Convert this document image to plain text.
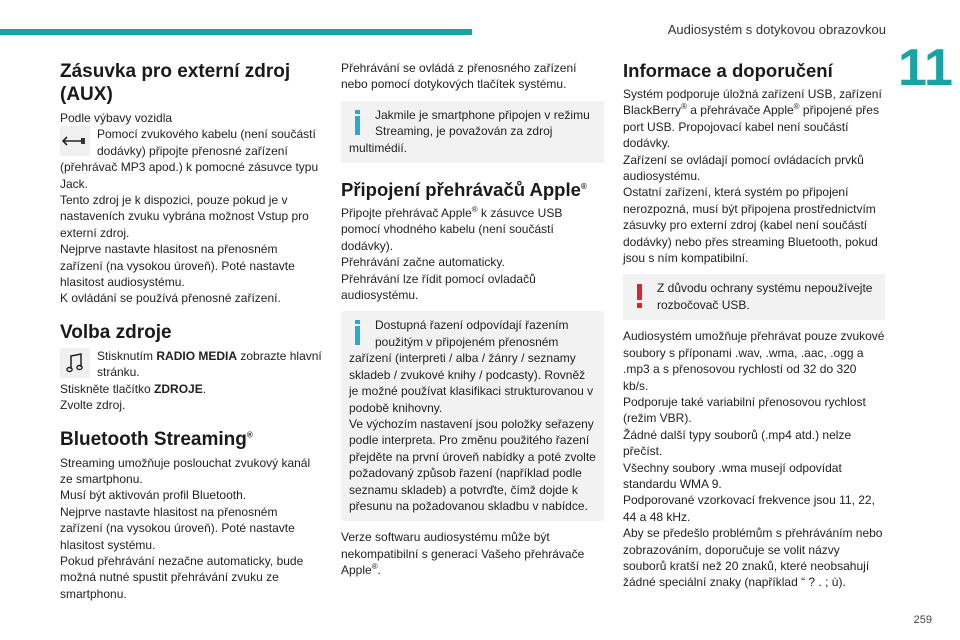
Audiosystém s dotykovou obrazovkou
11
Zásuvka pro externí zdroj (AUX)

Podle výbavy vozidla

Pomocí zvukového kabelu (není součástí dodávky) připojte přenosné zařízení

(přehrávač MP3 apod.) k pomocné zásuvce typu Jack.

Tento zdroj je k dispozici, pouze pokud je v nastaveních zvuku vybrána možnost Vstup pro externí zdroj.

Nejprve nastavte hlasitost na přenosném zařízení (na vysokou úroveň). Poté nastavte hlasitost audiosystému.

K ovládání se používá přenosné zařízení.

Volba zdroje
Stisknutím RADIO MEDIA zobrazte hlavní stránku.

Stiskněte tlačítko ZDROJE.

Zvolte zdroj.

Bluetooth Streaming®

Streaming umožňuje poslouchat zvukový kanál ze smartphonu.

Musí být aktivován profil Bluetooth.

Nejprve nastavte hlasitost na přenosném zařízení (na vysokou úroveň). Poté nastavte hlasitost systému.

Pokud přehrávání nezačne automaticky, bude možná nutné spustit přehrávání zvuku ze smartphonu.

Přehrávání se ovládá z přenosného zařízení nebo pomocí dotykových tlačítek systému.

Jakmile je smartphone připojen v režimu Streaming, je považován za zdroj multimédií.
Připojení přehrávačů Apple®

Připojte přehrávač Apple® k zásuvce USB pomocí vhodného kabelu (není součástí dodávky).

Přehrávání začne automaticky.

Přehrávání lze řídit pomocí ovladačů audiosystému.

Dostupná řazení odpovídají řazením použitým v připojeném přenosném zařízení (interpreti / alba / žánry / seznamy skladeb / zvukové knihy / podcasty). Rovněž je možné používat klasifikaci strukturovanou v podobě knihovny.
Ve výchozím nastavení jsou položky seřazeny podle interpreta. Pro změnu použitého řazení přejděte na první úroveň nabídky a poté zvolte požadovaný způsob řazení (například podle seznamu skladeb) a potvrďte, čímž dojde k přesunu na požadovanou skladbu v nabídce.

Verze softwaru audiosystému může být nekompatibilní s generací Vašeho přehrávače Apple®.

Informace a doporučení

Systém podporuje úložná zařízení USB, zařízení BlackBerry® a přehrávače Apple® připojené přes port USB. Propojovací kabel není součástí dodávky.

Zařízení se ovládají pomocí ovládacích prvků audiosystému.

Ostatní zařízení, která systém po připojení nerozpozná, musí být připojena prostřednictvím zásuvky pro externí zdroj (kabel není součástí dodávky) nebo přes streaming Bluetooth, pokud jsou s ním kompatibilní.

Z důvodu ochrany systému nepoužívejte rozbočovač USB.

Audiosystém umožňuje přehrávat pouze zvukové soubory s příponami .wav, .wma, .aac, .ogg a .mp3 a s přenosovou rychlostí od 32 do 320 kb/s.

Podporuje také variabilní přenosovou rychlost (režim VBR).

Žádné další typy souborů (.mp4 atd.) nelze přečíst.

Všechny soubory .wma musejí odpovídat standardu WMA 9.

Podporované vzorkovací frekvence jsou 11, 22, 44 a 48 kHz.

Aby se předešlo problémům s přehráváním nebo zobrazováním, doporučuje se volit názvy souborů kratší než 20 znaků, které neobsahují žádné speciální znaky (například “ ? . ; ù).

259
